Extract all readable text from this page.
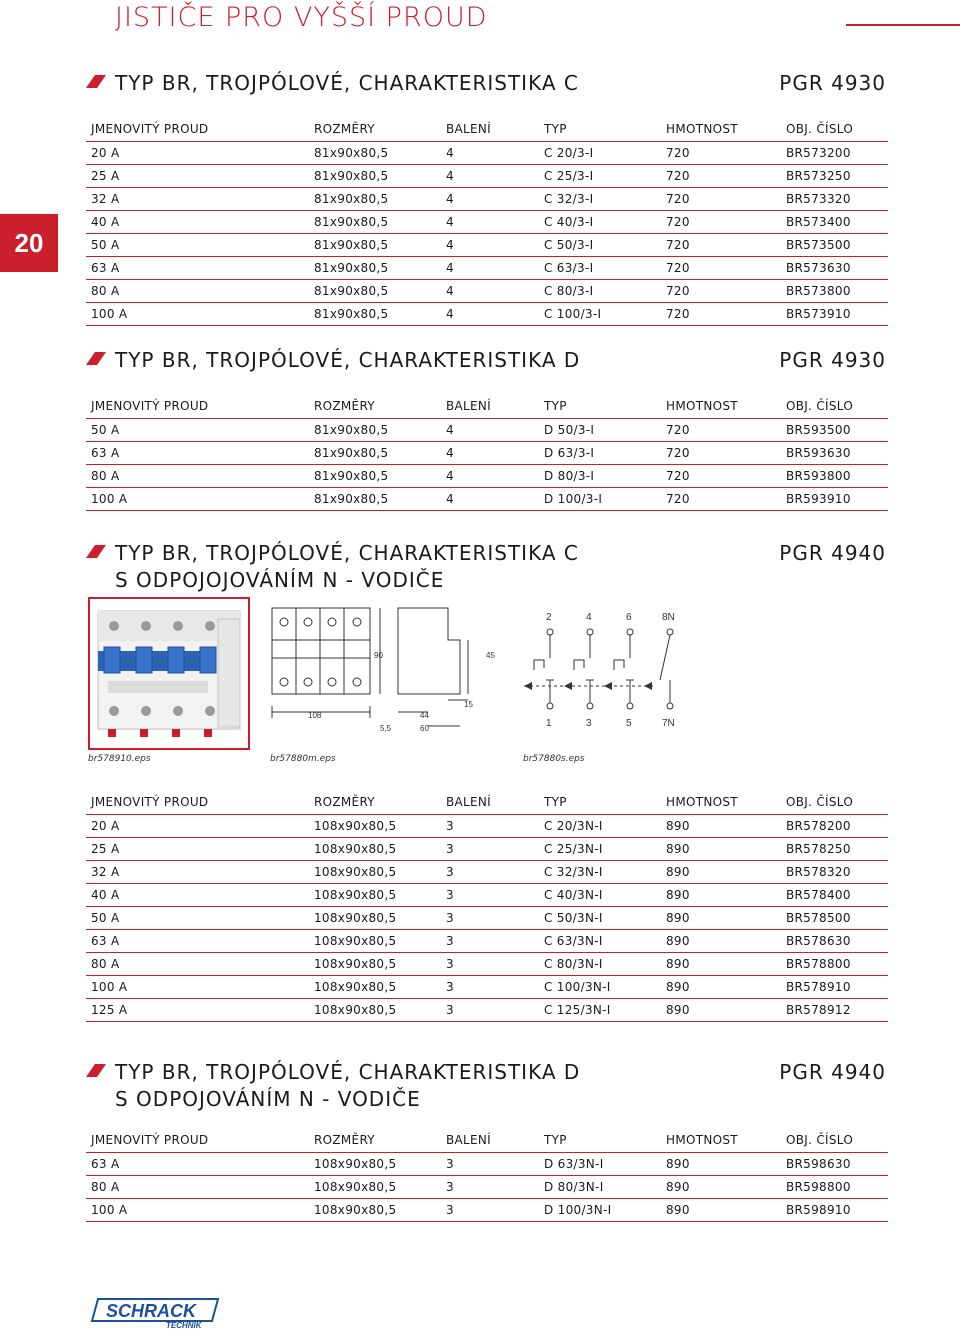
JISTIČE PRO VYŠŠÍ PROUD
20
TYP BR, TROJPÓLOVÉ, CHARAKTERISTIKA C	PGR 4930
JMENOVITÝ PROUD	ROZMĚRY	BALENÍ	TYP	HMOTNOST	OBJ. ČÍSLO
20 A	81x90x80,5	4	C 20/3-I	720	BR573200
25 A	81x90x80,5	4	C 25/3-I	720	BR573250
32 A	81x90x80,5	4	C 32/3-I	720	BR573320
40 A	81x90x80,5	4	C 40/3-I	720	BR573400
50 A	81x90x80,5	4	C 50/3-I	720	BR573500
63 A	81x90x80,5	4	C 63/3-I	720	BR573630
80 A	81x90x80,5	4	C 80/3-I	720	BR573800
100 A	81x90x80,5	4	C 100/3-I	720	BR573910
TYP BR, TROJPÓLOVÉ, CHARAKTERISTIKA D	PGR 4930
JMENOVITÝ PROUD	ROZMĚRY	BALENÍ	TYP	HMOTNOST	OBJ. ČÍSLO
50 A	81x90x80,5	4	D 50/3-I	720	BR593500
63 A	81x90x80,5	4	D 63/3-I	720	BR593630
80 A	81x90x80,5	4	D 80/3-I	720	BR593800
100 A	81x90x80,5	4	D 100/3-I	720	BR593910
TYP BR, TROJPÓLOVÉ, CHARAKTERISTIKA C	PGR 4940
S ODPOJOJOVÁNÍM N - VODIČE
108
90	45
44
60
15
5,5
2	4	6	8N
1	3	5	7N
br578910.eps	br57880m.eps	br57880s.eps
JMENOVITÝ PROUD	ROZMĚRY	BALENÍ	TYP	HMOTNOST	OBJ. ČÍSLO
20 A	108x90x80,5	3	C 20/3N-I	890	BR578200
25 A	108x90x80,5	3	C 25/3N-I	890	BR578250
32 A	108x90x80,5	3	C 32/3N-I	890	BR578320
40 A	108x90x80,5	3	C 40/3N-I	890	BR578400
50 A	108x90x80,5	3	C 50/3N-I	890	BR578500
63 A	108x90x80,5	3	C 63/3N-I	890	BR578630
80 A	108x90x80,5	3	C 80/3N-I	890	BR578800
100 A	108x90x80,5	3	C 100/3N-I	890	BR578910
125 A	108x90x80,5	3	C 125/3N-I	890	BR578912
TYP BR, TROJPÓLOVÉ, CHARAKTERISTIKA D	PGR 4940
S ODPOJOVÁNÍM N - VODIČE
JMENOVITÝ PROUD	ROZMĚRY	BALENÍ	TYP	HMOTNOST	OBJ. ČÍSLO
63 A	108x90x80,5	3	D 63/3N-I	890	BR598630
80 A	108x90x80,5	3	D 80/3N-I	890	BR598800
100 A	108x90x80,5	3	D 100/3N-I	890	BR598910
SCHRACK
TECHNIK
